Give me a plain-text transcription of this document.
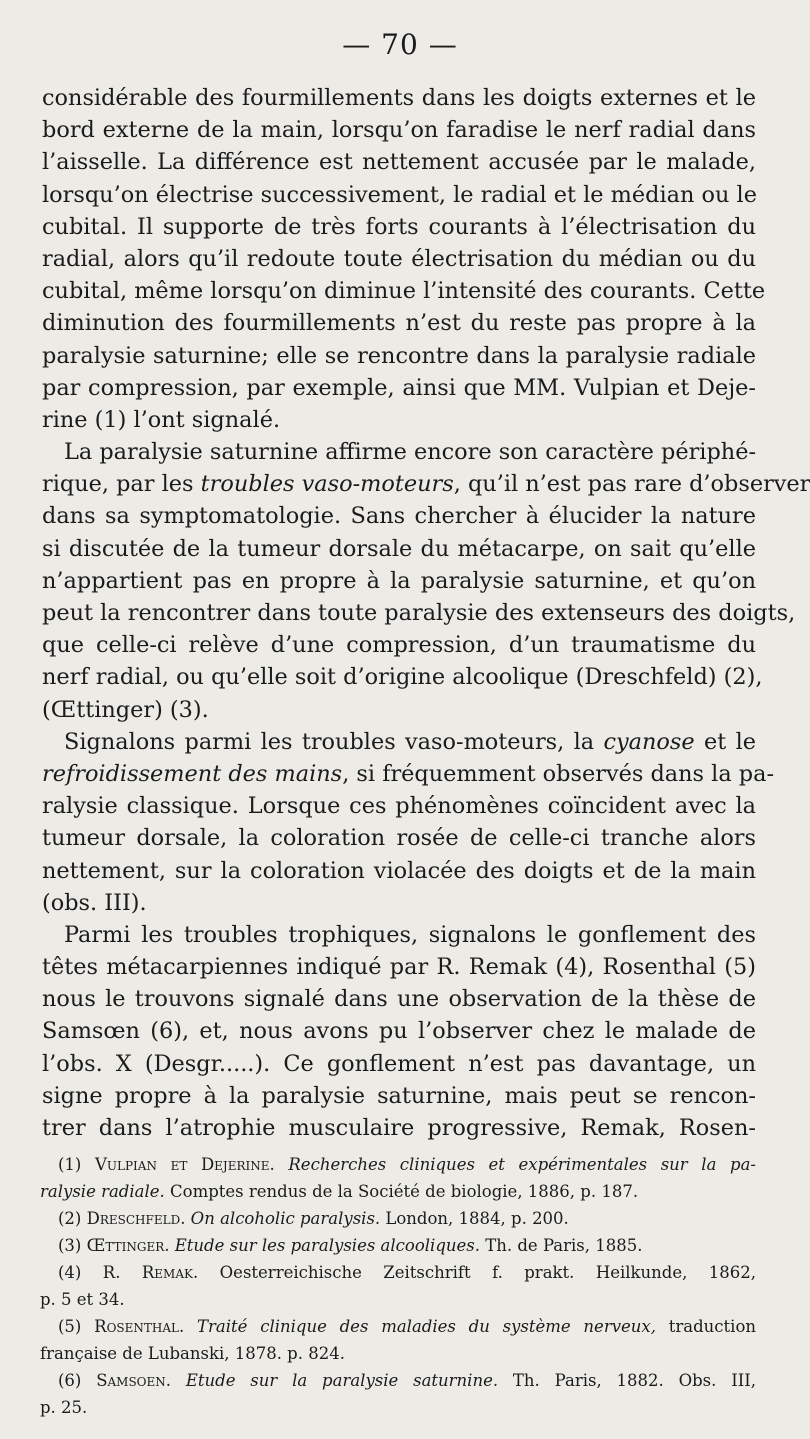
— 70 —
considérable des fourmillements dans les doigts externes et le
bord externe de la main, lorsqu’on faradise le nerf radial dans
l’aisselle. La différence est nettement accusée par le malade,
lorsqu’on électrise successivement, le radial et le médian ou le
cubital. Il supporte de très forts courants à l’électrisation du
radial, alors qu’il redoute toute électrisation du médian ou du
cubital, même lorsqu’on diminue l’intensité des courants. Cette
diminution des fourmillements n’est du reste pas propre à la
paralysie saturnine; elle se rencontre dans la paralysie radiale
par compression, par exemple, ainsi que MM. Vulpian et Deje-
rine (1) l’ont signalé.
La paralysie saturnine affirme encore son caractère périphé-
rique, par les troubles vaso-moteurs, qu’il n’est pas rare d’observer
dans sa symptomatologie. Sans chercher à élucider la nature
si discutée de la tumeur dorsale du métacarpe, on sait qu’elle
n’appartient pas en propre à la paralysie saturnine, et qu’on
peut la rencontrer dans toute paralysie des extenseurs des doigts,
que celle-ci relève d’une compression, d’un traumatisme du
nerf radial, ou qu’elle soit d’origine alcoolique (Dreschfeld) (2),
(Œttinger) (3).
Signalons parmi les troubles vaso-moteurs, la cyanose et le
refroidissement des mains, si fréquemment observés dans la pa-
ralysie classique. Lorsque ces phénomènes coïncident avec la
tumeur dorsale, la coloration rosée de celle-ci tranche alors
nettement, sur la coloration violacée des doigts et de la main
(obs. III).
Parmi les troubles trophiques, signalons le gonflement des
têtes métacarpiennes indiqué par R. Remak (4), Rosenthal (5)
nous le trouvons signalé dans une observation de la thèse de
Samsœn (6), et, nous avons pu l’observer chez le malade de
l’obs. X (Desgr.....). Ce gonflement n’est pas davantage, un
signe propre à la paralysie saturnine, mais peut se rencon-
trer dans l’atrophie musculaire progressive, Remak, Rosen-
(1) Vulpian et Dejerine. Recherches cliniques et expérimentales sur la pa-
ralysie radiale. Comptes rendus de la Société de biologie, 1886, p. 187.
(2) Dreschfeld. On alcoholic paralysis. London, 1884, p. 200.
(3) Œttinger. Etude sur les paralysies alcooliques. Th. de Paris, 1885.
(4) R. Remak. Oesterreichische Zeitschrift f. prakt. Heilkunde, 1862,
p. 5 et 34.
(5) Rosenthal. Traité clinique des maladies du système nerveux, traduction
française de Lubanski, 1878. p. 824.
(6) Samsoen. Etude sur la paralysie saturnine. Th. Paris, 1882. Obs. III,
p. 25.
